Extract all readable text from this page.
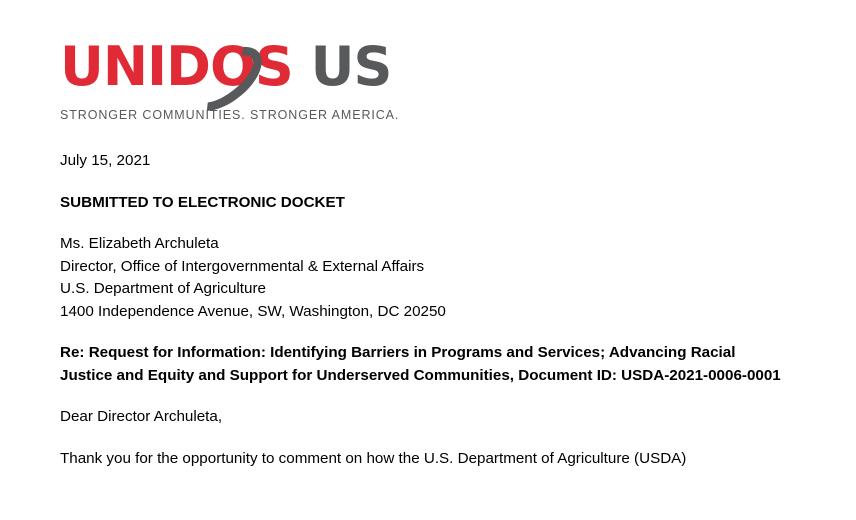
UNIDOS US
STRONGER COMMUNITIES. STRONGER AMERICA.
July 15, 2021
SUBMITTED TO ELECTRONIC DOCKET
Ms. Elizabeth Archuleta
Director, Office of Intergovernmental & External Affairs
U.S. Department of Agriculture
1400 Independence Avenue, SW, Washington, DC 20250
Re: Request for Information: Identifying Barriers in Programs and Services; Advancing Racial Justice and Equity and Support for Underserved Communities, Document ID: USDA-2021-0006-0001
Dear Director Archuleta,
Thank you for the opportunity to comment on how the U.S. Department of Agriculture (USDA)
